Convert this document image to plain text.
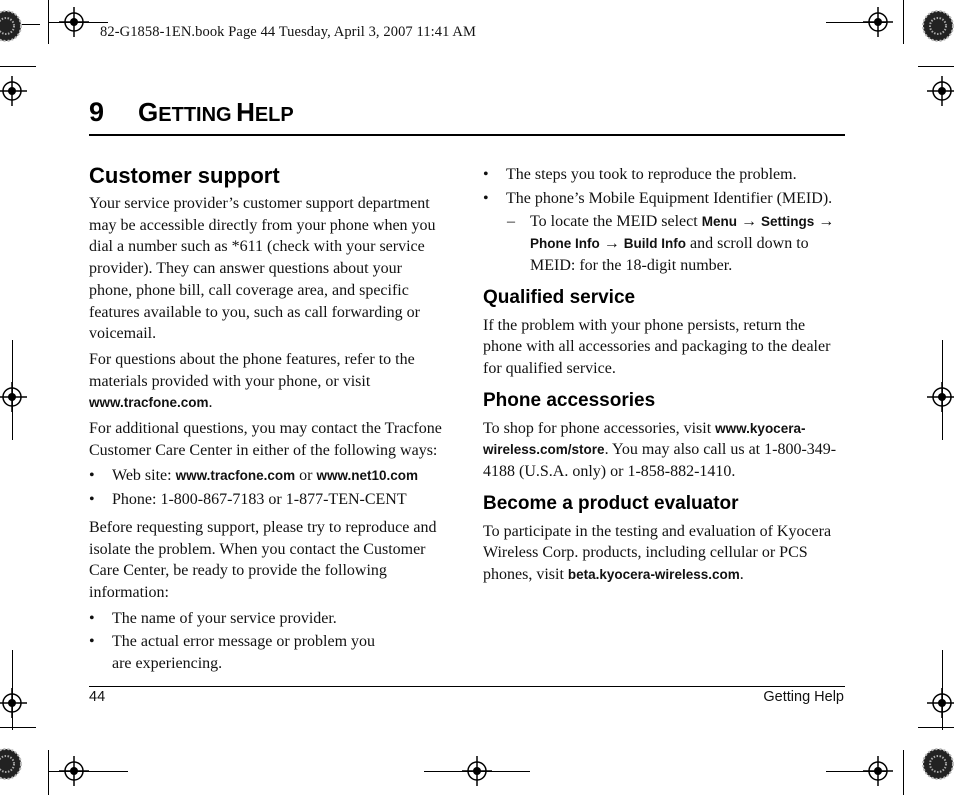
82-G1858-1EN.book Page 44 Tuesday, April 3, 2007 11:41 AM
9 GETTING HELP
Customer support

Your service provider’s customer support department may be accessible directly from your phone when you dial a number such as *611 (check with your service provider). They can answer questions about your phone, phone bill, call coverage area, and specific features available to you, such as call forwarding or voicemail.

For questions about the phone features, refer to the materials provided with your phone, or visit www.tracfone.com.

For additional questions, you may contact the Tracfone Customer Care Center in either of the following ways:

• Web site: www.tracfone.com or www.net10.com
• Phone: 1-800-867-7183 or 1-877-TEN-CENT

Before requesting support, please try to reproduce and isolate the problem. When you contact the Customer Care Center, be ready to provide the following information:

• The name of your service provider.
• The actual error message or problem you are experiencing.
• The steps you took to reproduce the problem.
• The phone’s Mobile Equipment Identifier (MEID).
– To locate the MEID select Menu → Settings → Phone Info → Build Info and scroll down to MEID: for the 18-digit number.
Qualified service

If the problem with your phone persists, return the phone with all accessories and packaging to the dealer for qualified service.

Phone accessories

To shop for phone accessories, visit www.kyocera-wireless.com/store. You may also call us at 1-800-349-4188 (U.S.A. only) or 1-858-882-1410.

Become a product evaluator

To participate in the testing and evaluation of Kyocera Wireless Corp. products, including cellular or PCS phones, visit beta.kyocera-wireless.com.

44	Getting Help
